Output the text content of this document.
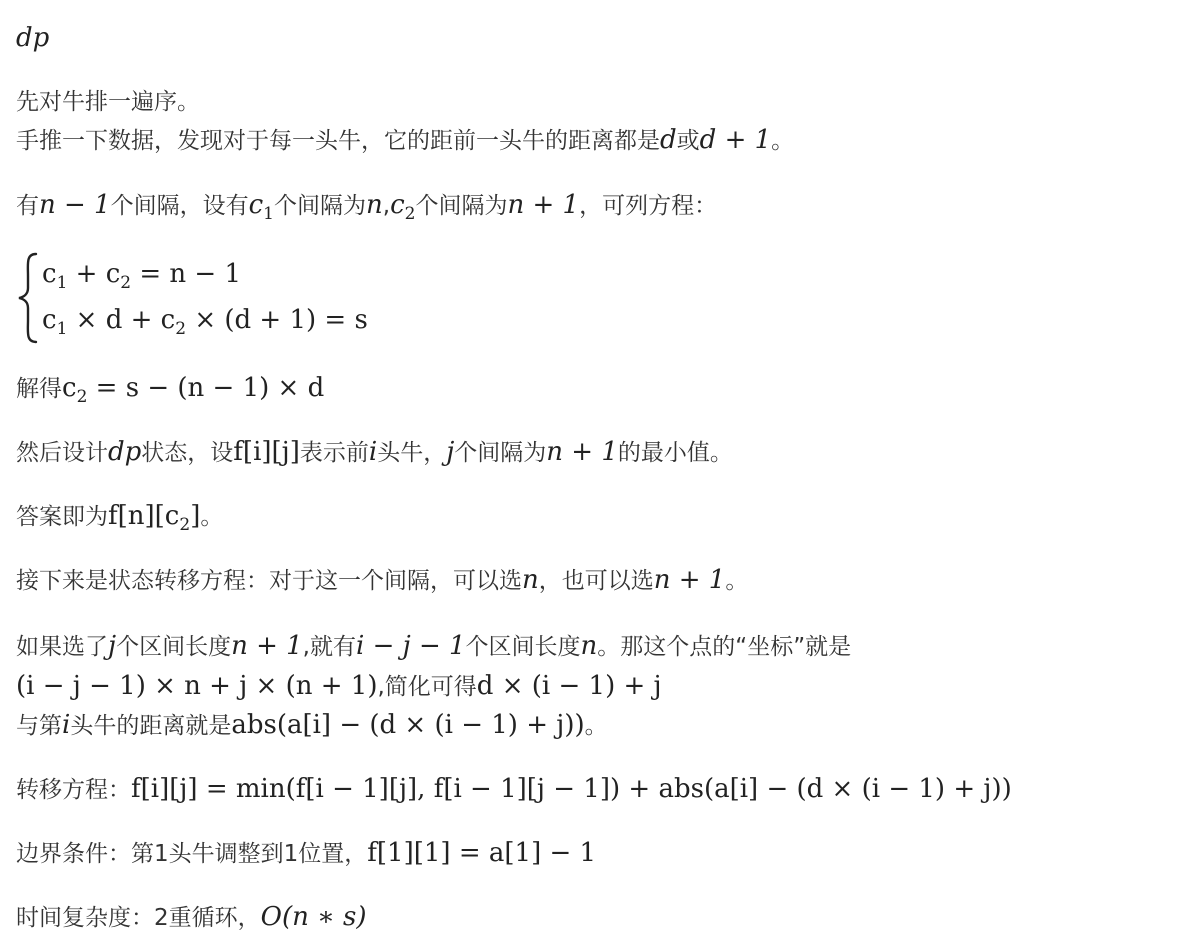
dp
先对牛排一遍序。
手推一下数据，发现对于每一头牛，它的距前一头牛的距离都是d或d + 1。
有n − 1个间隔，设有$c_1$个间隔为$n,c_2$个间隔为n + 1，可列方程：
$c_1 + c_2 = n - 1$
$c_1 \times d + c_2 \times (d + 1) = s$
解得$c_2 = s - (n - 1) \times d$
然后设计dp状态，设f[i][j]表示前i头牛，j个间隔为n + 1的最小值。
答案即为$f[n][c_2]$。
接下来是状态转移方程：对于这一个间隔，可以选n，也可以选n + 1。
如果选了j个区间长度n + 1,就有i − j − 1个区间长度n。那这个点的“坐标”就是
(i − j − 1) × n + j × (n + 1),简化可得d × (i − 1) + j
与第i头牛的距离就是abs(a[i] − (d × (i − 1) + j))。
转移方程：f[i][j] = min(f[i − 1][j], f[i − 1][j − 1]) + abs(a[i] − (d × (i − 1) + j))
边界条件：第1头牛调整到1位置，f[1][1] = a[1] − 1
时间复杂度：2重循环，O(n ∗ s)
